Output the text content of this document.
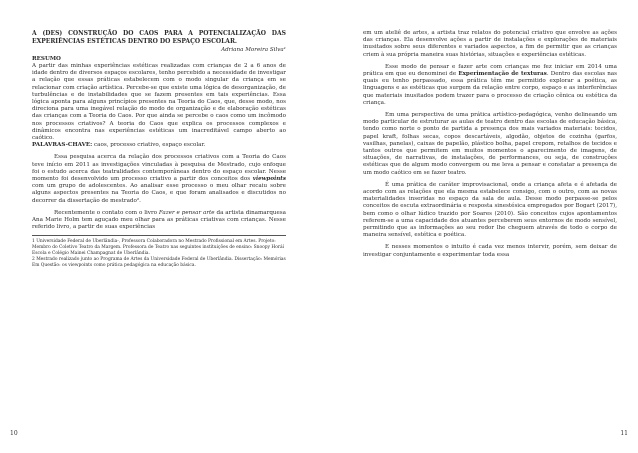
A (DES) CONSTRUÇÃO DO CAOS PARA A POTENCIALIZAÇÃO DAS EXPERIÊNCIAS ESTÉTICAS DENTRO DO ESPAÇO ESCOLAR.

Adriana Moreira Silva¹

RESUMO

A partir das minhas experiências estéticas realizadas com crianças de 2 a 6 anos de idade dentro de diversos espaços escolares, tenho percebido a necessidade de investigar a relação que essas práticas estabelecem com o modo singular da criança em se relacionar com criação artística. Percebe-se que existe uma lógica de desorganização, de turbulências e de instabilidades que se fazem presentes em tais experiências. Essa lógica aponta para alguns princípios presentes na Teoria do Caos, que, desse modo, nos direciona para uma inegável relação do modo de organização e de elaboração estéticas das crianças com a Teoria do Caos. Por que ainda se percebe o caos como um incômodo nos processos criativos? A teoria do Caos que explica os processos complexos e dinâmicos encontra nas experiências estéticas um inacreditável campo aberto ao caótico.

PALAVRAS-CHAVE: caos, processo criativo, espaço escolar.

Essa pesquisa acerca da relação dos processos criativos com a Teoria do Caos teve início em 2011 as investigações vinculadas à pesquisa de Mestrado, cujo enfoque foi o estudo acerca das teatralidades contemporâneas dentro do espaço escolar. Nesse momento foi desenvolvido um processo criativo a partir dos conceitos dos viewpoints com um grupo de adolescentes. Ao analisar esse processo o meu olhar recaiu sobre alguns aspectos presentes na Teoria do Caos, e que foram analisados e discutidos no decorrer da dissertação de mestrado².

Recentemente o contato com o livro Fazer e pensar arte da artista dinamarquesa Ana Marie Holm tem aguçado meu olhar para as práticas criativas com crianças. Nesse referido livro, a partir de suas experiências

1 Universidade Federal de Uberlândia-, Professora Colaboradora no Mestrado Profissional em Artes. Projeto: Membro do Coletivo Teatro da Margem. Professora de Teatro nas seguintes instituições de ensino: Snoopy Horáí Escola e Colégio Mainei Champagnat de Uberlândia.

2 Mestrado realizado junto ao Programa de Artes da Universidade Federal de Uberlândia. Dissertação: Memórias Em Questão: os viewpoints como prática pedagógica na educação básica.

10

em um ateliê de artes, a artista traz relatos do potencial criativo que envolve as ações das crianças. Ela desenvolve ações a partir de instalações e explorações de materiais inusitados sobre seus diferentes e variados aspectos, a fim de permitir que as crianças criem à sua própria maneira suas histórias, situações e experiências estéticas.

Esse modo de pensar e fazer arte com crianças me fez iniciar em 2014 uma prática em que eu denominei de Experimentação de texturas. Dentro das escolas nas quais eu tenho perpassado, essa prática têm me permitido explorar a poética, as linguagens e as estéticas que surgem da relação entre corpo, espaço e as interferências que materiais inusitados podem trazer para o processo de criação cênica ou estética da criança.

Em uma perspectiva de uma prática artístico-pedagógica, venho delineando um modo particular de estruturar as aulas de teatro dentro das escolas de educação básica, tendo como norte o ponto de partida a presença dos mais variados materiais: tecidos, papel kraft, folhas secas, copos descartáveis, algodão, objetos de cozinha (garfos, vasilhas, panelas), caixas de papelão, plástico bolha, papel crepom, retalhos de tecidos e tantos outros que permitem em muitos momentos o aparecimento de imagens, de situações, de narrativas, de instalações, de performances, ou seja, de construções estéticas que de algum modo convergem ou me leva a pensar e constatar a presença de um modo caótico em se fazer teatro.

É uma prática de caráter improvisacional, onde a criança afeta e é afetada de acordo com as relações que ela mesma estabelece consigo, com o outro, com as novas materialidades inseridas no espaço da sala de aula. Desse modo perpasse-se pelos conceitos de escuta extraordinária e resposta sinestésica empregados por Bogart (2017), bem como o olhar lúdico trazido por Soares (2010). São conceitos cujos apontamentos referem-se a uma capacidade dos atuantes perceberem seus entornos de modo sensível, permitindo que as informações ao seu redor lhe cheguem através de todo o corpo de maneira sensível, estética e poética.

E nesses momentos o intuito é cada vez menos intervir, porém, sem deixar de investigar conjuntamente e experimentar toda essa

11
